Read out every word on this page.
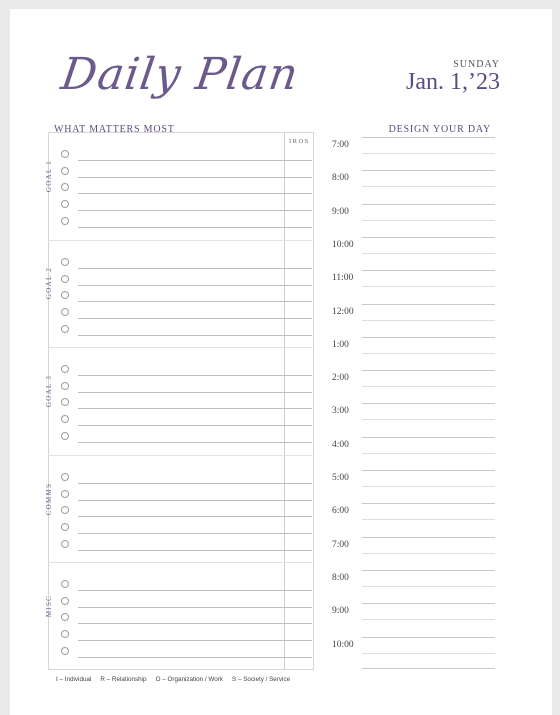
Daily Plan	SUNDAY
Jan. 1,’23
WHAT MATTERS MOST	DESIGN YOUR DAY
IROS
GOAL 1
GOAL 2
GOAL 3
COMMS
MISC
7:00
8:00
9:00
10:00
11:00
12:00
1:00
2:00
3:00
4:00
5:00
6:00
7:00
8:00
9:00
10:00
I – Individual R – Relationship O – Organization / Work S – Society / Service
